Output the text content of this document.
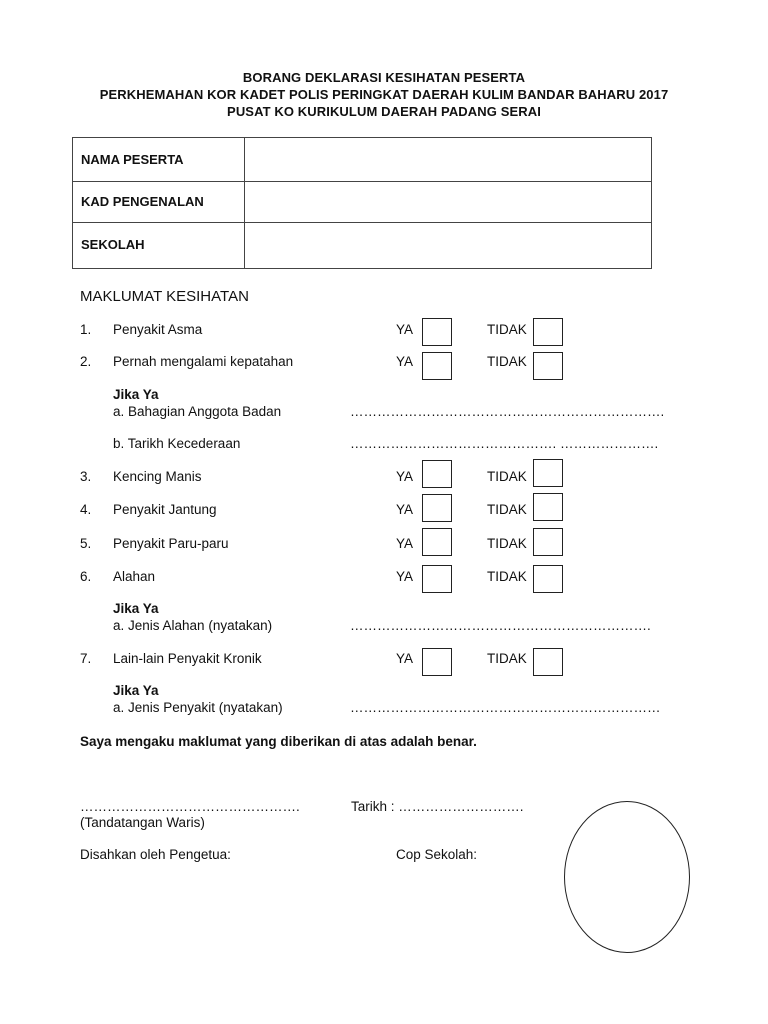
BORANG DEKLARASI KESIHATAN PESERTA
PERKHEMAHAN KOR KADET POLIS PERINGKAT DAERAH KULIM BANDAR BAHARU 2017
PUSAT KO KURIKULUM DAERAH PADANG SERAI
NAMA PESERTA
KAD PENGENALAN
SEKOLAH
MAKLUMAT KESIHATAN
1. Penyakit Asma	YA	TIDAK
2. Pernah mengalami kepatahan	YA	TIDAK
Jika Ya
a. Bahagian Anggota Badan	…………………………………………………………….
b. Tarikh Kecederaan	………………………………………. ………………….
3. Kencing Manis	YA	TIDAK
4. Penyakit Jantung	YA	TIDAK
5. Penyakit Paru-paru	YA	TIDAK
6. Alahan	YA	TIDAK
Jika Ya
a. Jenis Alahan (nyatakan)	………………………………………………………….
7. Lain-lain Penyakit Kronik	YA	TIDAK
Jika Ya
a. Jenis Penyakit (nyatakan)	……………………………………………………………
Saya mengaku maklumat yang diberikan di atas adalah benar.
………………………………………….
(Tandatangan Waris)
Tarikh : ……………………….
Disahkan oleh Pengetua:	Cop Sekolah:
